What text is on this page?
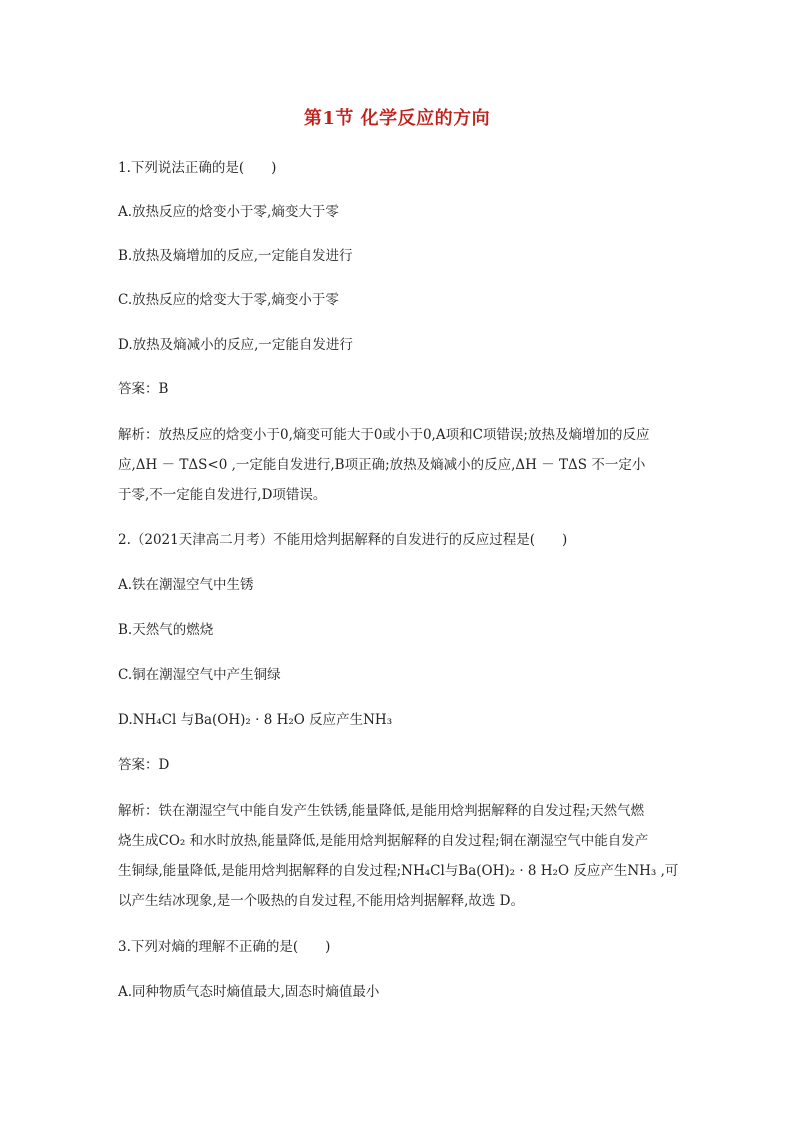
第1节 化学反应的方向
1.下列说法正确的是(　　)
A.放热反应的焓变小于零,熵变大于零
B.放热及熵增加的反应,一定能自发进行
C.放热反应的焓变大于零,熵变小于零
D.放热及熵减小的反应,一定能自发进行
答案：B
解析：放热反应的焓变小于0,熵变可能大于0或小于0,A项和C项错误;放热及熵增加的反应
应,ΔH － TΔS<0 ,一定能自发进行,B项正确;放热及熵减小的反应,ΔH － TΔS 不一定小
于零,不一定能自发进行,D项错误。
2.（2021天津高二月考）不能用焓判据解释的自发进行的反应过程是(　　)
A.铁在潮湿空气中生锈
B.天然气的燃烧
C.铜在潮湿空气中产生铜绿
D.NH₄Cl 与Ba(OH)₂ · 8 H₂O 反应产生NH₃
答案：D
解析：铁在潮湿空气中能自发产生铁锈,能量降低,是能用焓判据解释的自发过程;天然气燃
烧生成CO₂ 和水时放热,能量降低,是能用焓判据解释的自发过程;铜在潮湿空气中能自发产
生铜绿,能量降低,是能用焓判据解释的自发过程;NH₄Cl与Ba(OH)₂ · 8 H₂O 反应产生NH₃ ,可
以产生结冰现象,是一个吸热的自发过程,不能用焓判据解释,故选 D。
3.下列对熵的理解不正确的是(　　)
A.同种物质气态时熵值最大,固态时熵值最小
